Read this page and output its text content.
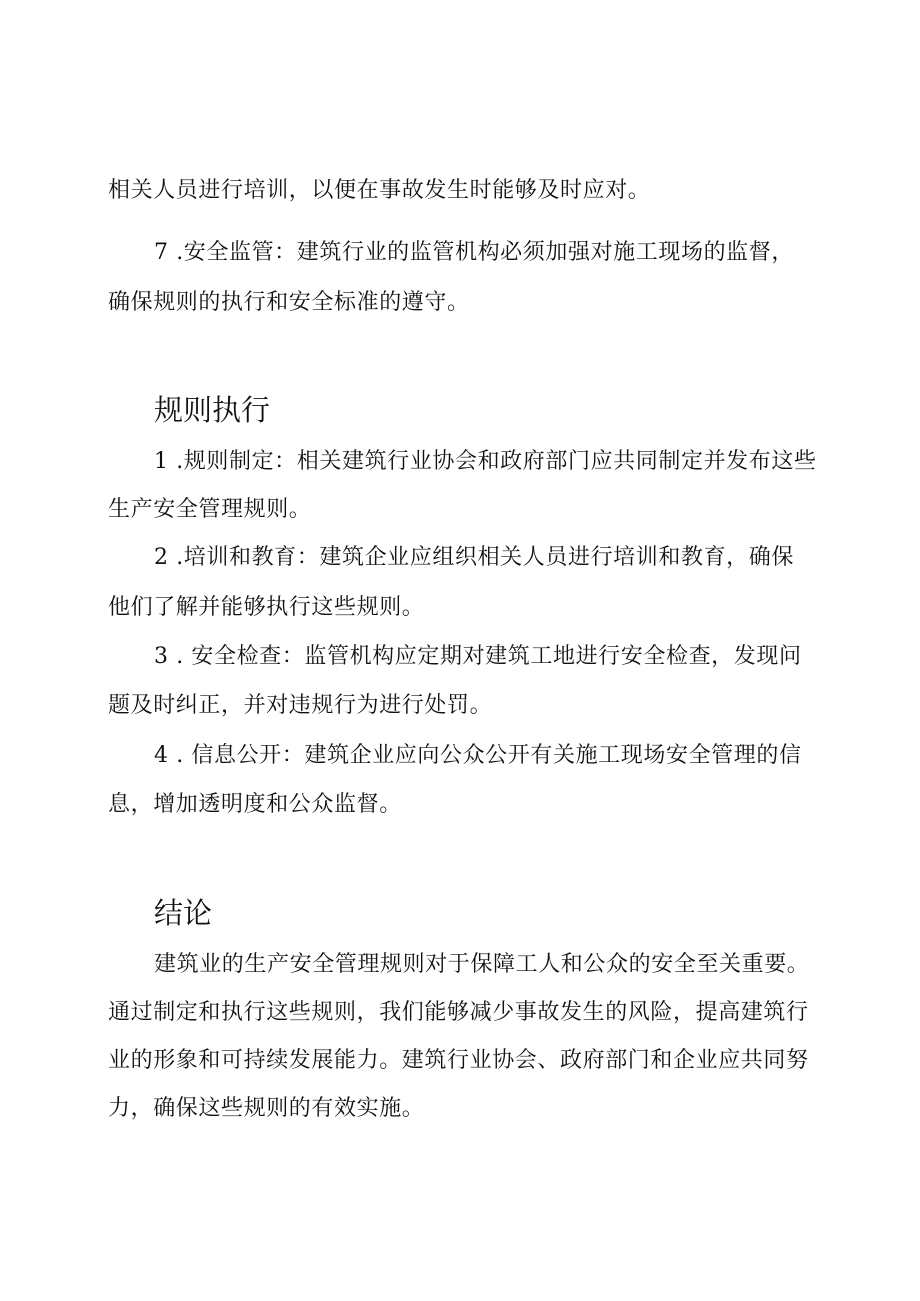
相关人员进行培训，以便在事故发生时能够及时应对。
7 .安全监管：建筑行业的监管机构必须加强对施工现场的监督，
确保规则的执行和安全标准的遵守。
规则执行
1 .规则制定：相关建筑行业协会和政府部门应共同制定并发布这些
生产安全管理规则。
2 .培训和教育：建筑企业应组织相关人员进行培训和教育，确保
他们了解并能够执行这些规则。
3 . 安全检查：监管机构应定期对建筑工地进行安全检查，发现问
题及时纠正，并对违规行为进行处罚。
4 . 信息公开：建筑企业应向公众公开有关施工现场安全管理的信
息，增加透明度和公众监督。
结论
建筑业的生产安全管理规则对于保障工人和公众的安全至关重要。
通过制定和执行这些规则，我们能够减少事故发生的风险，提高建筑行
业的形象和可持续发展能力。建筑行业协会、政府部门和企业应共同努
力，确保这些规则的有效实施。
